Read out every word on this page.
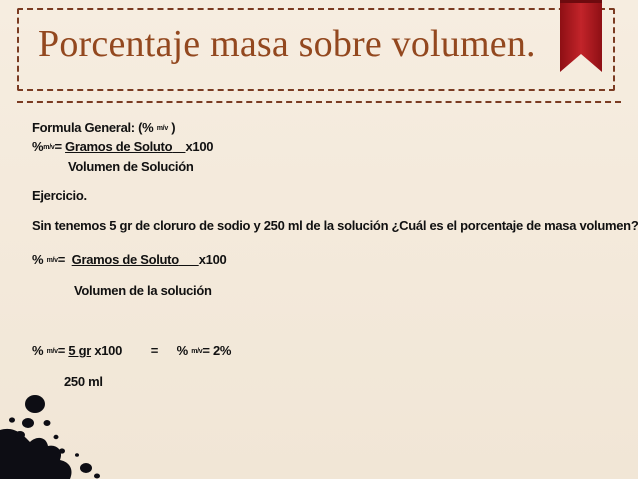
Porcentaje masa sobre volumen.
Formula General: (% m/v )
%m/v= Gramos de Soluto x100
Volumen de Solución
Ejercicio.
Sin tenemos 5 gr de cloruro de sodio y 250 ml de la solución ¿Cuál es el porcentaje de masa volumen?
% m/v=  Gramos de Soluto x100
Volumen de la solución
% m/v= 5 gr x100 = % m/v= 2%
250 ml
